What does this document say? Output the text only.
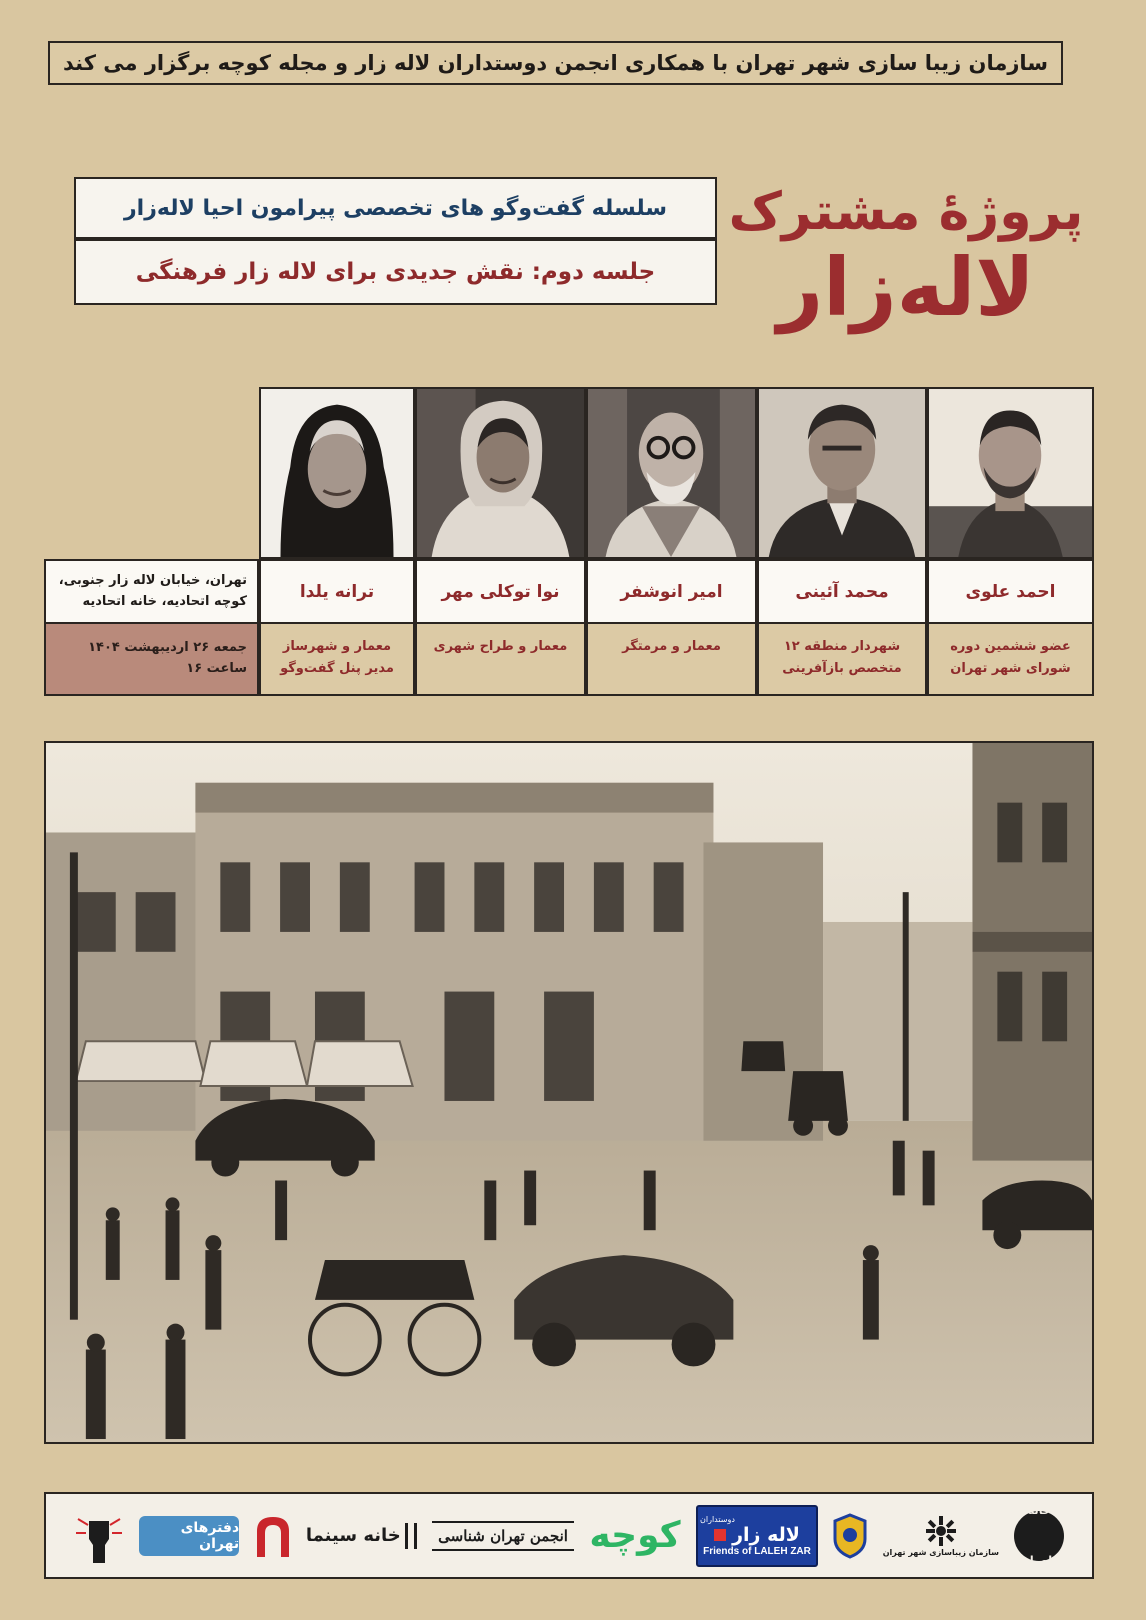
سازمان زیبا سازی شهر تهران با همکاری انجمن دوستداران لاله زار و مجله کوچه برگزار می کند
سلسله گفت‌وگو های تخصصی پیرامون احیا لاله‌زار
جلسه دوم: نقش جدیدی برای لاله زار فرهنگی
پروژهٔ مشترک
لاله‌زار
احمد علوی
محمد آئینی
امیر انوشفر
نوا توکلی مهر
ترانه یلدا
تهران، خیابان لاله زار جنوبی،
کوچه اتحادیه، خانه اتحادیه
عضو ششمین دوره
شورای شهر تهران
شهردار منطقه ۱۲
متخصص بازآفرینی
معمار و مرمتگر
معمار و طراح شهری
معمار و شهرساز
مدیر پنل گفت‌وگو
جمعه ۲۶ اردیبهشت ۱۴۰۴
ساعت ۱۶
خانه طهران
سازمان زیباسازی شهر تهران
دوستداران
لاله زار
Friends of LALEH ZAR
کوچه
انجمن تهران شناسی
خانه سینما
دفترهای تهران
